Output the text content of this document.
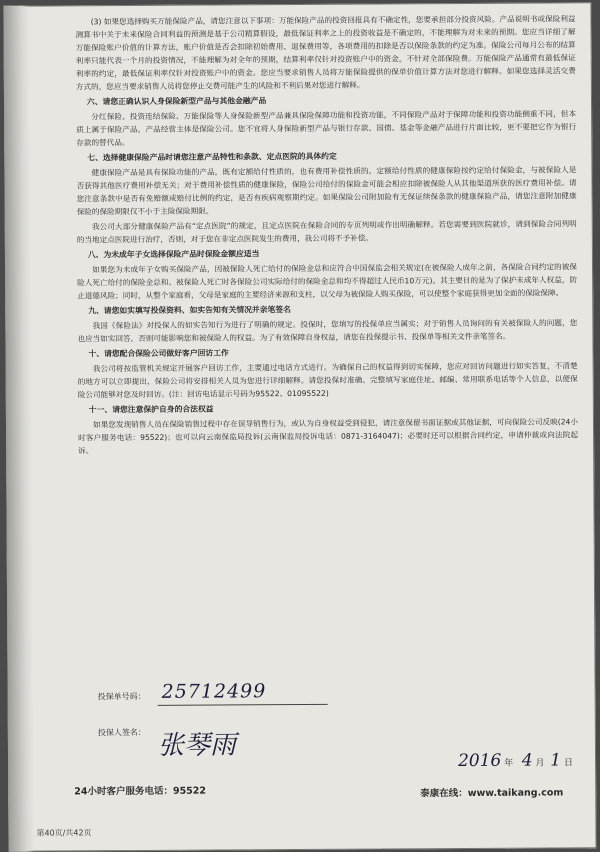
(3) 如果您选择购买万能保险产品，请您注意以下事项：万能保险产品的投资回报具有不确定性，您要承担部分投资风险。产品说明书或保险利益测算书中关于未来保险合同利益的预测是基于公司精算假设，最低保证利率之上的投资收益是不确定的，不能理解为对未来的预期。您应当详细了解万能保险账户价值的计算方法，账户价值是否会扣除初始费用、退保费用等，各项费用的扣除是否以保险条款的约定为准。保险公司每月公布的结算利率只能代表一个月的投资情况，不能理解为对全年的预期，结算利率仅针对投资账户中的资金，不针对全部保险费。万能保险产品通常有最低保证利率的约定，最低保证利率仅针对投资账户中的资金。您应当要求销售人员将万能保险提供的保单价值计算方法对您进行解释。如果您选择灵活交费方式的，您应当要求销售人员将您停止交费可能产生的风险和不利后果对您进行解释。

六、请您正确认识人身保险新型产品与其他金融产品

分红保险、投资连结保险、万能保险等人身保险新型产品兼具保险保障功能和投资功能，不同保险产品对于保障功能和投资功能侧重不同，但本质上属于保险产品，产品经营主体是保险公司。您不宜将人身保险新型产品与银行存款、国债、基金等金融产品进行片面比较，更不要把它作为银行存款的替代品。

七、选择健康保险产品时请您注意产品特性和条款、定点医院的具体约定

健康保险产品是具有保险功能的产品，既有定额给付性质的，也有费用补偿性质的。定额给付性质的健康保险按约定给付保险金，与被保险人是否获得其他医疗费用补偿无关；对于费用补偿性质的健康保险，保险公司给付的保险金可能会相应扣除被保险人从其他渠道所获的医疗费用补偿。请您注意条款中是否有免赔额或赔付比例的约定，是否有疾病观察期约定。如果保险公司附加险有无保证续保条款的健康保险产品，请您注意附加健康保险的保险期限仅不小于主险保险期限。

我公司大部分健康保险产品有“定点医院”的规定，且定点医院在保险合同的专页列明或作出明确解释。若您需要到医院就诊，请到保险合同列明的当地定点医院进行治疗，否则，对于您在非定点医院发生的费用，我公司将不予补偿。

八、为未成年子女选择保险产品时保险金额应适当

如果您为未成年子女购买保险产品，因被保险人死亡给付的保险金总和应符合中国保监会相关规定(在被保险人成年之前，各保险合同约定的被保险人死亡给付的保险金总和、被保险人死亡时各保险公司实际给付的保险金总和均不得超过人民币10万元)。其主要目的是为了保护未成年人权益，防止道德风险；同时，从整个家庭看，父母是家庭的主要经济来源和支柱，以父母为被保险人购买保险，可以使整个家庭获得更加全面的保险保障。

九、请您如实填写投保资料、如实告知有关情况并亲笔签名

我国《保险法》对投保人的如实告知行为进行了明确的规定。投保时，您填写的投保单应当属实；对于销售人员询问的有关被保险人的问题，您也应当如实回答，否则可能影响您和被保险人的权益。为了有效保障自身权益，请您在投保提示书、投保单等相关文件亲笔签名。

十、请您配合保险公司做好客户回访工作

我公司将按监管机关规定开展客户回访工作，主要通过电话方式进行。为确保自己的权益得到切实保障，您应对回访问题进行如实答复，不清楚的地方可以立即提出，保险公司将安排相关人员为您进行详细解释。请您投保时准确、完整填写家庭住址、邮编、常用联系电话等个人信息，以便保险公司能够对您及时回访。(注：回访电话显示号码为95522、01095522)

十一、请您注意保护自身的合法权益

如果您发现销售人员在保险销售过程中存在误导销售行为，或认为自身权益受到侵犯，请注意保留书面证据或其他证据，可向保险公司反映(24小时客户服务电话：95522)；也可以向云南保监局投诉(云南保监局投诉电话：0871-3164047)；必要时还可以根据合同约定，申请仲裁或向法院起诉。

投保单号码： 25712499
投保人签名： 张琴雨
2016 年 4 月 1 日
24小时客户服务电话：95522	泰康在线：www.taikang.com
第40页/共42页
